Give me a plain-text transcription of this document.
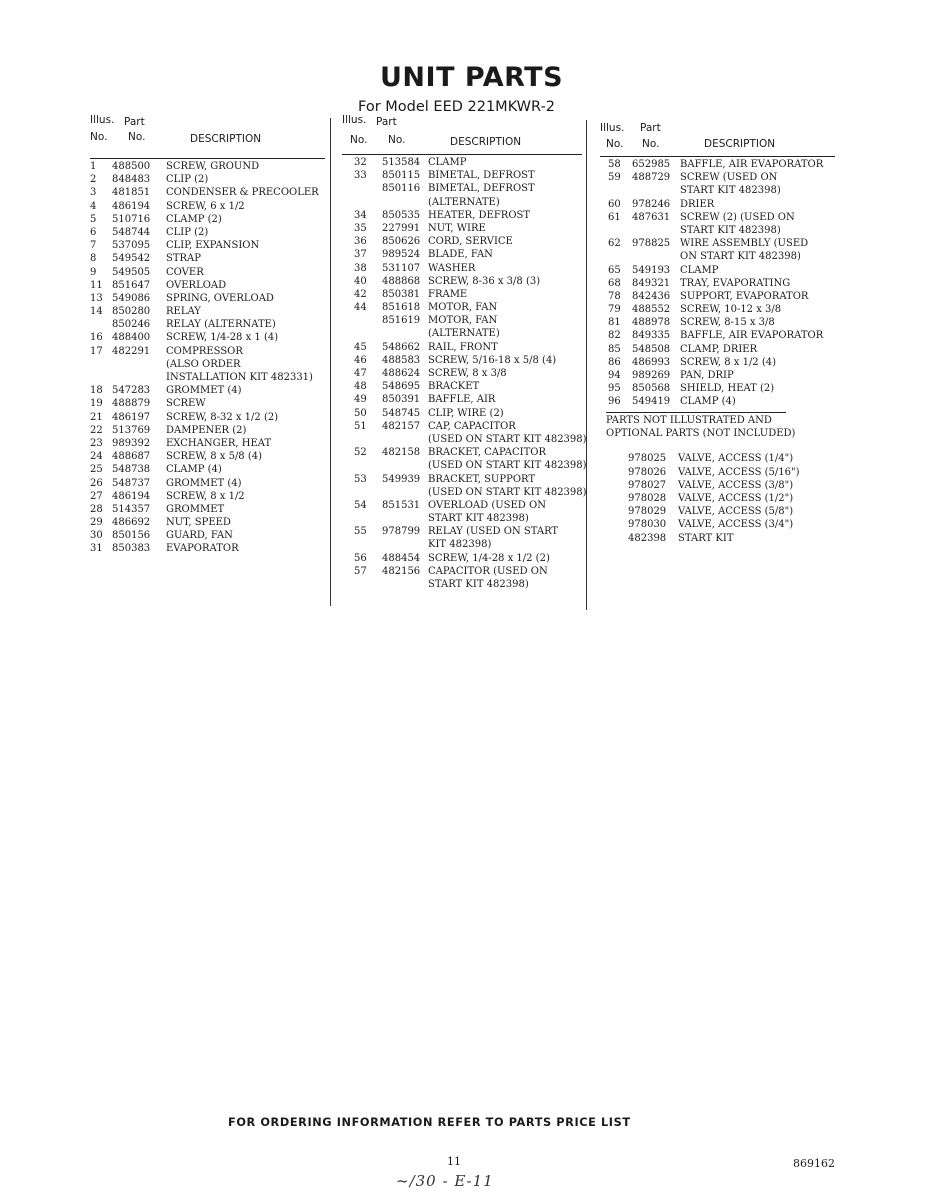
UNIT PARTS
For Model EED 221MKWR-2
Illus. Part
No. No.	DESCRIPTION
1 488500 SCREW, GROUND
2 848483 CLIP (2)
3 481851 CONDENSER & PRECOOLER
4 486194 SCREW, 6 x 1/2
5 510716 CLAMP (2)
6 548744 CLIP (2)
7 537095 CLIP, EXPANSION
8 549542 STRAP
9 549505 COVER
11 851647 OVERLOAD
13 549086 SPRING, OVERLOAD
14 850280 RELAY
850246 RELAY (ALTERNATE)
16 488400 SCREW, 1/4-28 x 1 (4)
17 482291 COMPRESSOR
(ALSO ORDER
INSTALLATION KIT 482331)
18 547283 GROMMET (4)
19 488879 SCREW
21 486197 SCREW, 8-32 x 1/2 (2)
22 513769 DAMPENER (2)
23 989392 EXCHANGER, HEAT
24 488687 SCREW, 8 x 5/8 (4)
25 548738 CLAMP (4)
26 548737 GROMMET (4)
27 486194 SCREW, 8 x 1/2
28 514357 GROMMET
29 486692 NUT, SPEED
30 850156 GUARD, FAN
31 850383 EVAPORATOR
Illus. Part
No. No.	DESCRIPTION
32 513584 CLAMP
33 850115 BIMETAL, DEFROST
850116 BIMETAL, DEFROST
(ALTERNATE)
34 850535 HEATER, DEFROST
35 227991 NUT, WIRE
36 850626 CORD, SERVICE
37 989524 BLADE, FAN
38 531107 WASHER
40 488868 SCREW, 8-36 x 3/8 (3)
42 850381 FRAME
44 851618 MOTOR, FAN
851619 MOTOR, FAN
(ALTERNATE)
45 548662 RAIL, FRONT
46 488583 SCREW, 5/16-18 x 5/8 (4)
47 488624 SCREW, 8 x 3/8
48 548695 BRACKET
49 850391 BAFFLE, AIR
50 548745 CLIP, WIRE (2)
51 482157 CAP, CAPACITOR
(USED ON START KIT 482398)
52 482158 BRACKET, CAPACITOR
(USED ON START KIT 482398)
53 549939 BRACKET, SUPPORT
(USED ON START KIT 482398)
54 851531 OVERLOAD (USED ON
START KIT 482398)
55 978799 RELAY (USED ON START
KIT 482398)
56 488454 SCREW, 1/4-28 x 1/2 (2)
57 482156 CAPACITOR (USED ON
START KIT 482398)
Illus. Part
No. No.	DESCRIPTION
58 652985 BAFFLE, AIR EVAPORATOR
59 488729 SCREW (USED ON
START KIT 482398)
60 978246 DRIER
61 487631 SCREW (2) (USED ON
START KIT 482398)
62 978825 WIRE ASSEMBLY (USED
ON START KIT 482398)
65 549193 CLAMP
68 849321 TRAY, EVAPORATING
78 842436 SUPPORT, EVAPORATOR
79 488552 SCREW, 10-12 x 3/8
81 488978 SCREW, 8-15 x 3/8
82 849335 BAFFLE, AIR EVAPORATOR
85 548508 CLAMP, DRIER
86 486993 SCREW, 8 x 1/2 (4)
94 989269 PAN, DRIP
95 850568 SHIELD, HEAT (2)
96 549419 CLAMP (4)
PARTS NOT ILLUSTRATED AND
OPTIONAL PARTS (NOT INCLUDED)
978025 VALVE, ACCESS (1/4")
978026 VALVE, ACCESS (5/16")
978027 VALVE, ACCESS (3/8")
978028 VALVE, ACCESS (1/2")
978029 VALVE, ACCESS (5/8")
978030 VALVE, ACCESS (3/4")
482398 START KIT
FOR ORDERING INFORMATION REFER TO PARTS PRICE LIST
11	869162
~/30 - E-11
